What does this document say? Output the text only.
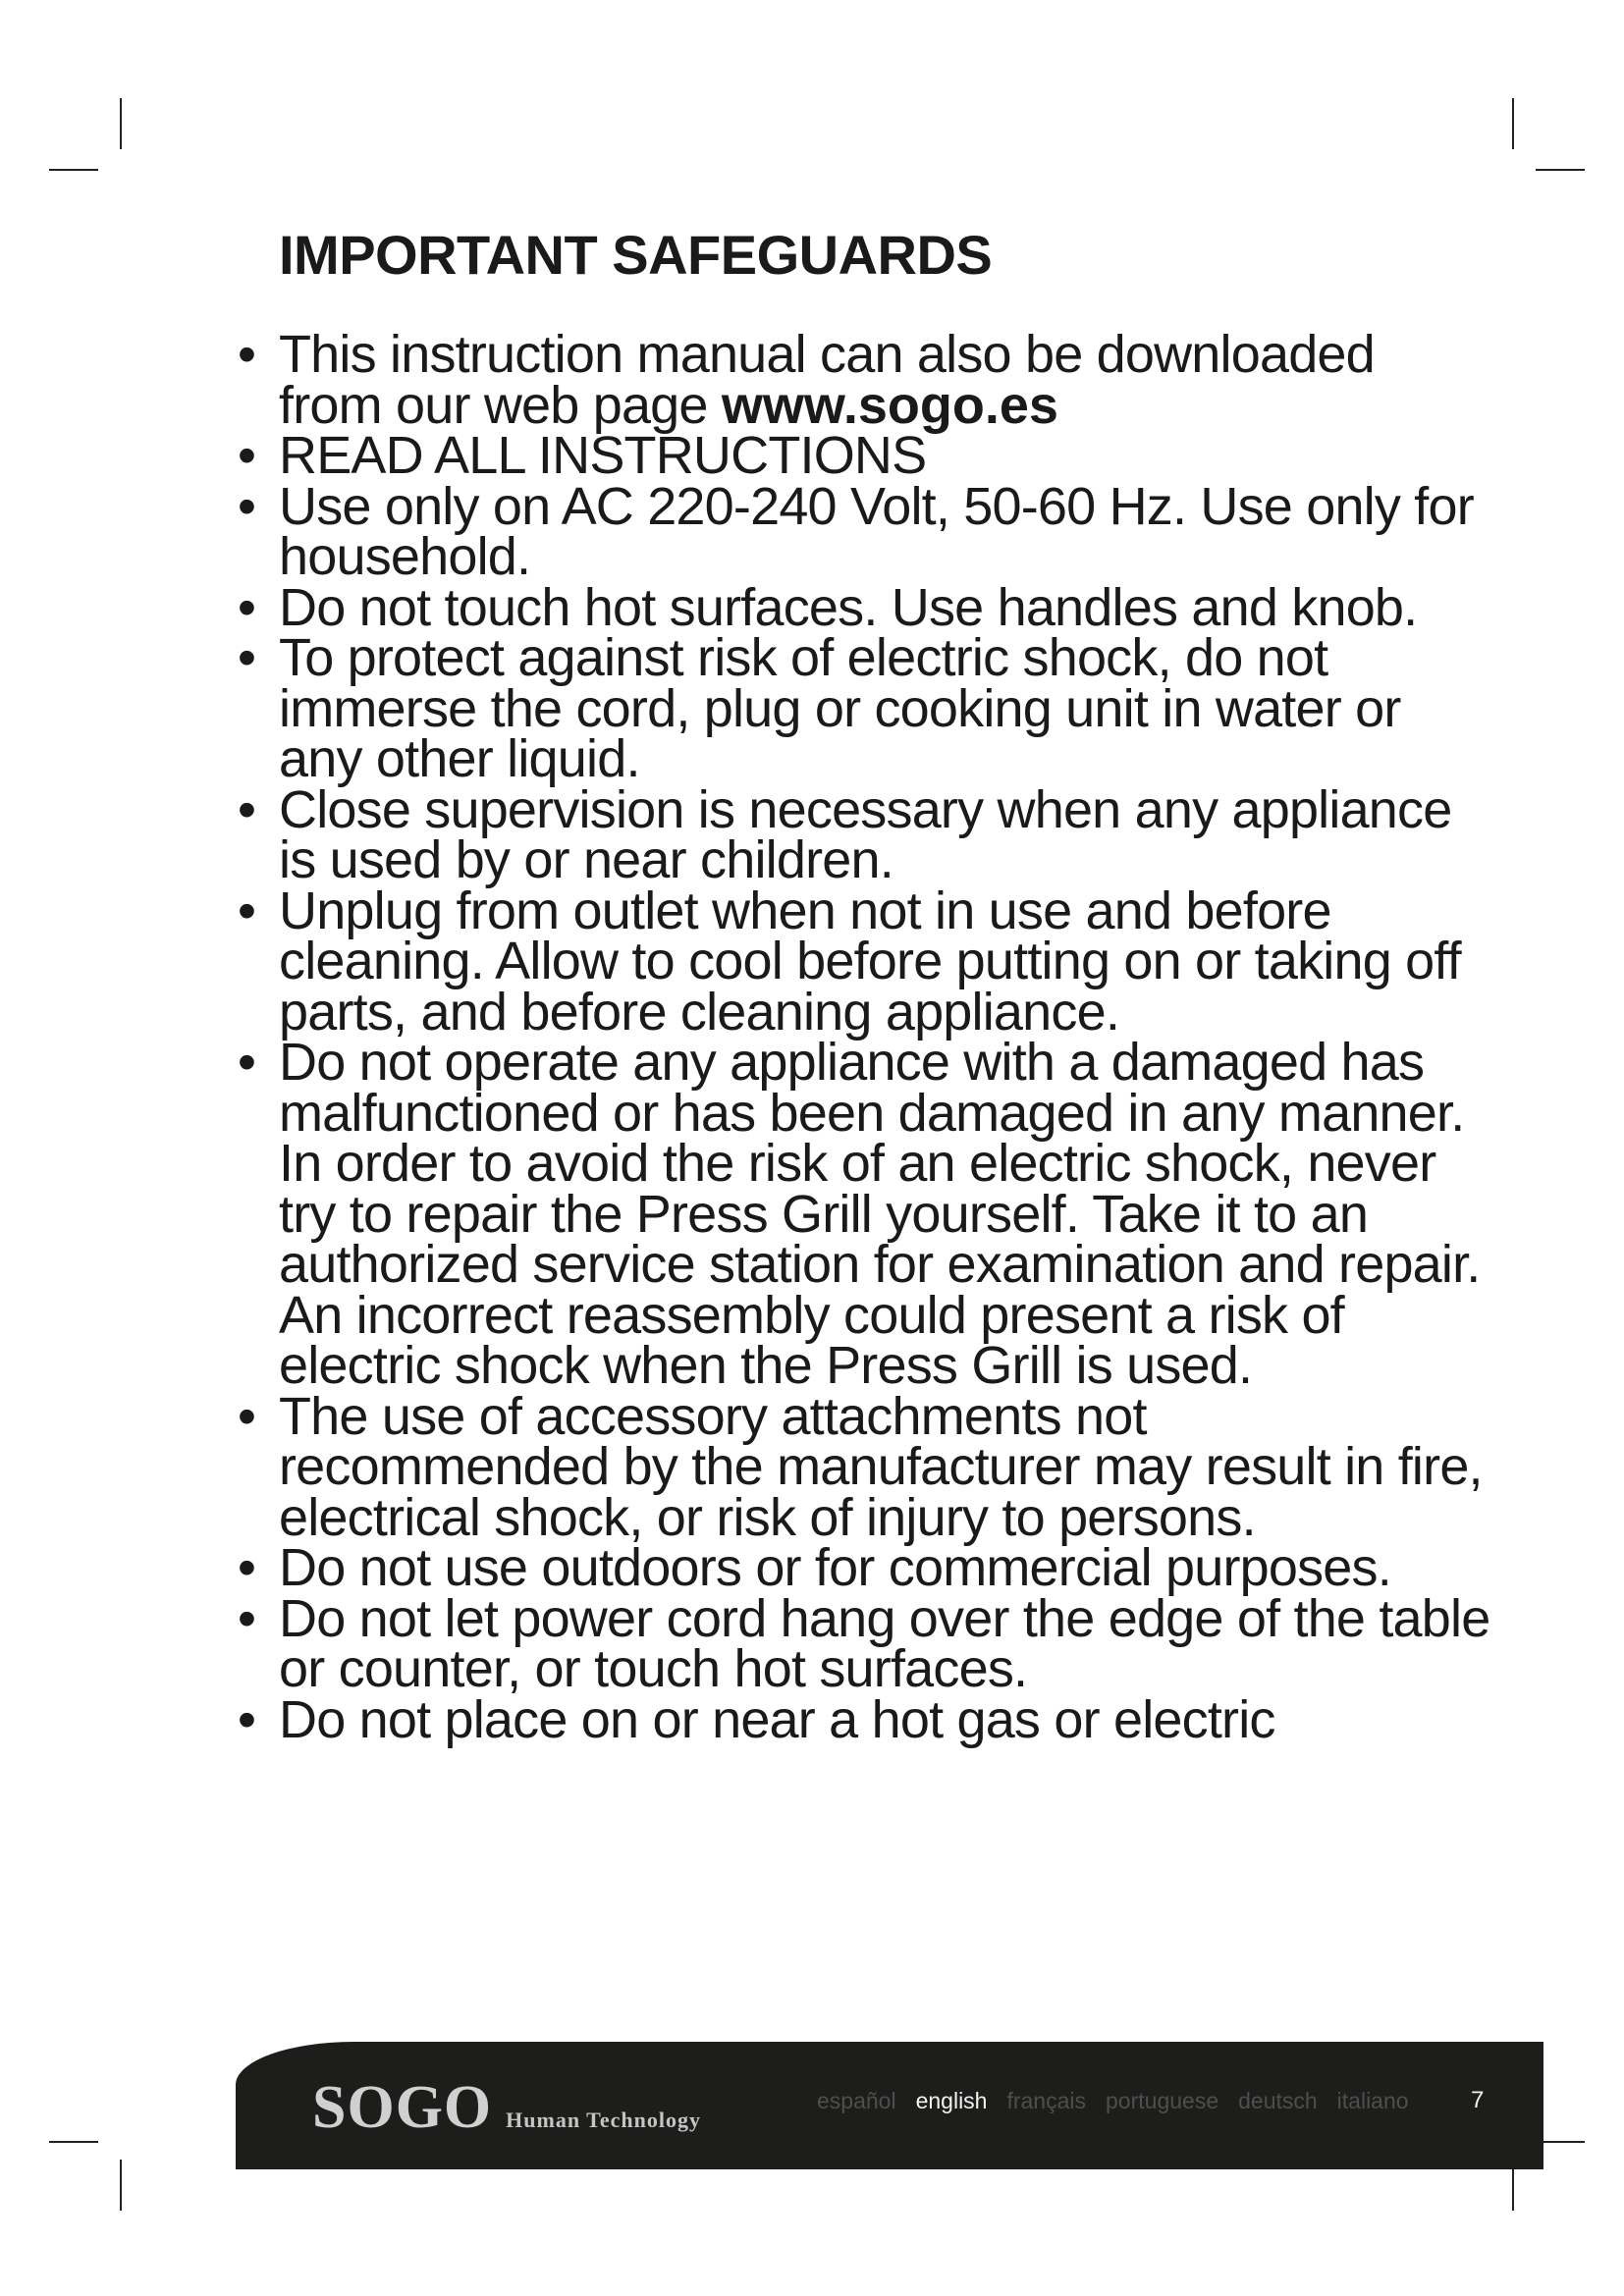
IMPORTANT SAFEGUARDS
• This instruction manual can also be downloaded from our web page www.sogo.es
• READ ALL INSTRUCTIONS
• Use only on AC 220-240 Volt, 50-60 Hz. Use only for household.
• Do not touch hot surfaces. Use handles and knob.
• To protect against risk of electric shock, do not immerse the cord, plug or cooking unit in water or any other liquid.
• Close supervision is necessary when any appliance is used by or near children.
• Unplug from outlet when not in use and before cleaning. Allow to cool before putting on or taking off parts, and before cleaning appliance.
• Do not operate any appliance with a damaged has malfunctioned or has been damaged in any manner. In order to avoid the risk of an electric shock, never try to repair the Press Grill yourself. Take it to an authorized service station for examination and repair. An incorrect reassembly could present a risk of electric shock when the Press Grill is used.
• The use of accessory attachments not recommended by the manufacturer may result in fire, electrical shock, or risk of injury to persons.
• Do not use outdoors or for commercial purposes.
• Do not let power cord hang over the edge of the table or counter, or touch hot surfaces.
• Do not place on or near a hot gas or electric
SOGO Human Technology
español english français portuguese deutsch italiano	7
